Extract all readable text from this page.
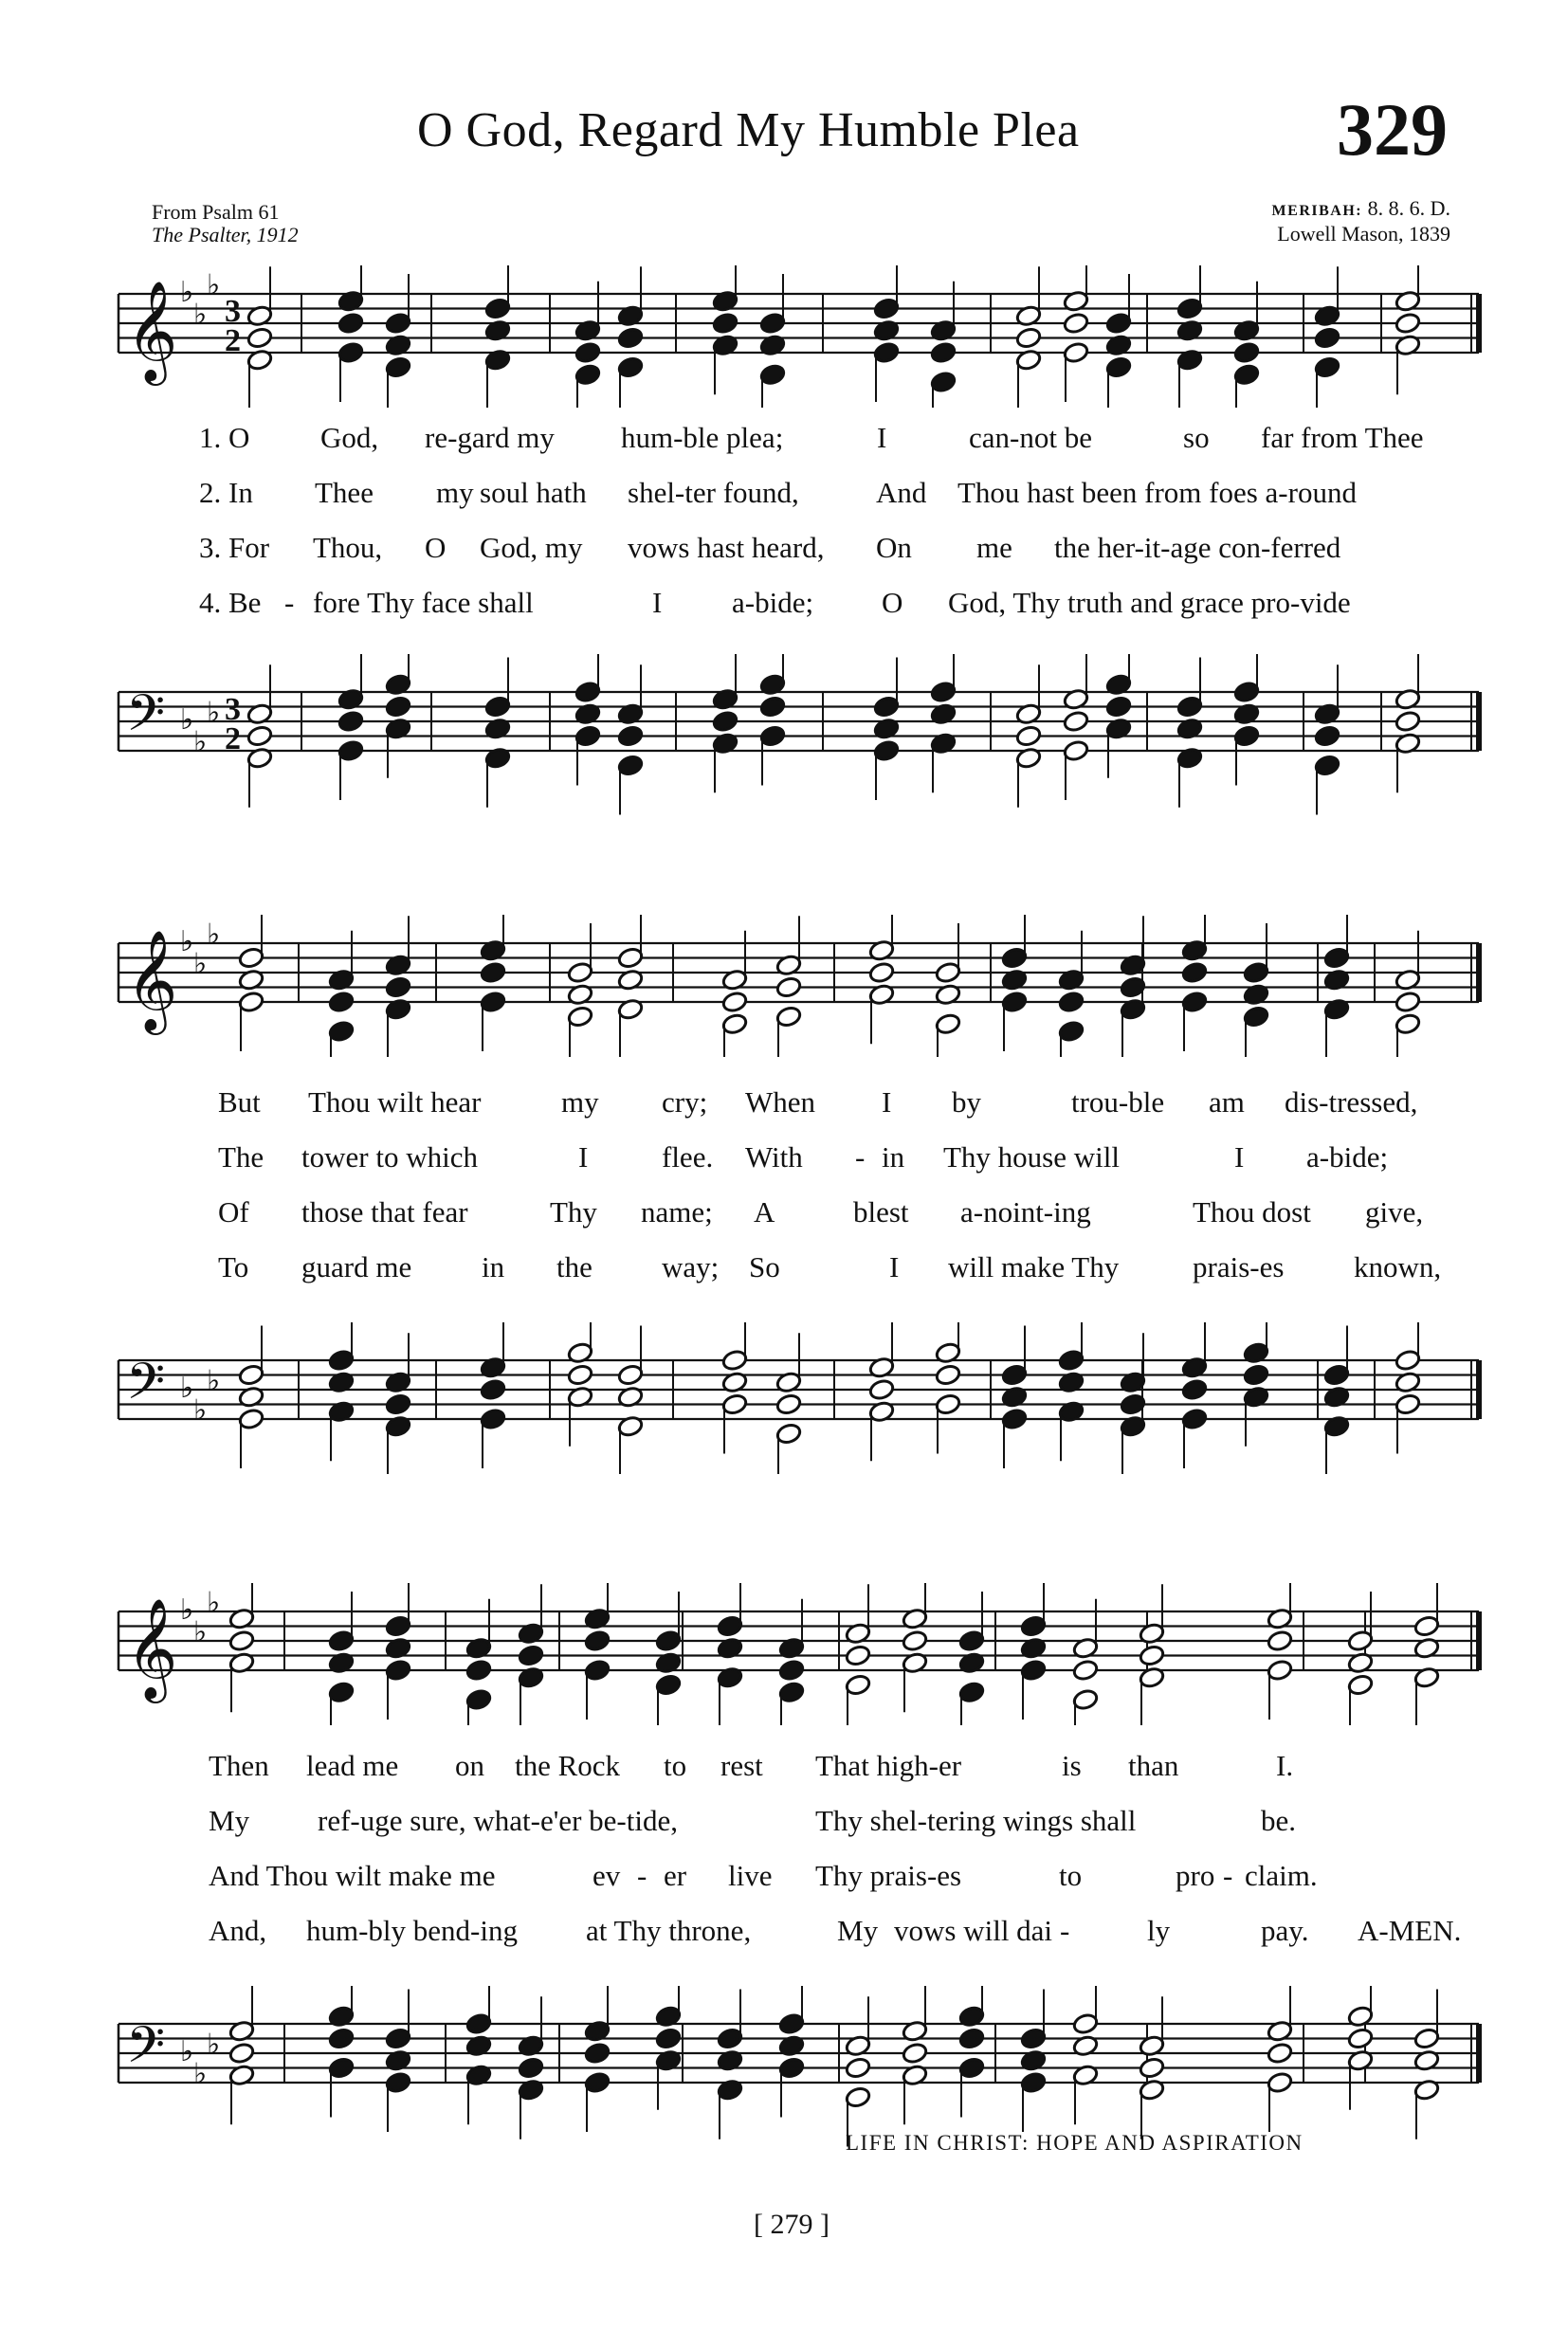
O God, Regard My Humble Plea	329
From Psalm 61
The Psalter, 1912
MERIBAH: 8. 8. 6. D.
Lowell Mason, 1839
𝄞 ♭
♭
♭
3
2
1. O God, re-gard my hum-ble plea;	I	can-not be	so far from Thee
2. In Thee my soul hath shel-ter found,	And Thou hast been from foes a-round
3. For Thou, O God, my vows hast heard, On me the her-it-age con-ferred
4. Be - fore Thy face shall	I a-bide; O God, Thy truth and grace pro-vide
𝄢 ♭
♭
♭ 3
2
𝄞 ♭
♭
♭
But Thou wilt hear	my cry; When I by	trou-ble am dis-tressed,
The tower to which	I	flee. With - in Thy house will	I a-bide;
Of those that fear	Thy name; A	blest a-noint-ing	Thou dost give,
To guard me in the way; So	I will make Thy	prais-es known,
𝄢 ♭
♭
♭
𝄞 ♭
♭
♭
Then lead me on the Rock to rest That high-er	is than	I.
My ref-uge sure, what-e'er be-tide,	Thy shel-tering wings shall	be.
And Thou wilt make me	ev - er live Thy prais-es	to	pro - claim.
And, hum-bly bend-ing at Thy throne,	My vows will dai -	ly	pay. A-MEN.
𝄢 ♭
♭
♭
LIFE IN CHRIST: HOPE AND ASPIRATION
[ 279 ]
